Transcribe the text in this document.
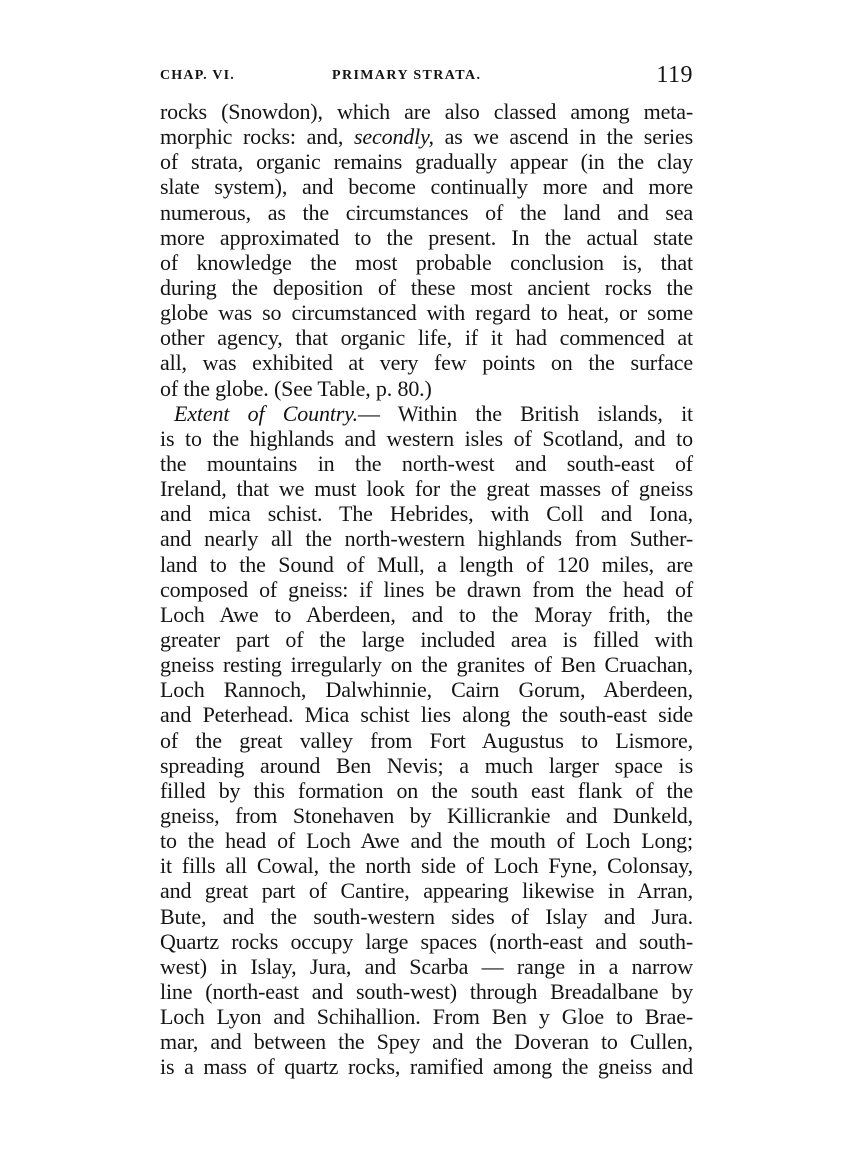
CHAP. VI.	PRIMARY STRATA.	119
rocks (Snowdon), which are also classed among meta-
morphic rocks: and, secondly, as we ascend in the series
of strata, organic remains gradually appear (in the clay
slate system), and become continually more and more
numerous, as the circumstances of the land and sea
more approximated to the present. In the actual state
of knowledge the most probable conclusion is, that
during the deposition of these most ancient rocks the
globe was so circumstanced with regard to heat, or some
other agency, that organic life, if it had commenced at
all, was exhibited at very few points on the surface
of the globe. (See Table, p. 80.)
Extent of Country.— Within the British islands, it
is to the highlands and western isles of Scotland, and to
the mountains in the north-west and south-east of
Ireland, that we must look for the great masses of gneiss
and mica schist. The Hebrides, with Coll and Iona,
and nearly all the north-western highlands from Suther-
land to the Sound of Mull, a length of 120 miles, are
composed of gneiss: if lines be drawn from the head of
Loch Awe to Aberdeen, and to the Moray frith, the
greater part of the large included area is filled with
gneiss resting irregularly on the granites of Ben Cruachan,
Loch Rannoch, Dalwhinnie, Cairn Gorum, Aberdeen,
and Peterhead. Mica schist lies along the south-east side
of the great valley from Fort Augustus to Lismore,
spreading around Ben Nevis; a much larger space is
filled by this formation on the south east flank of the
gneiss, from Stonehaven by Killicrankie and Dunkeld,
to the head of Loch Awe and the mouth of Loch Long;
it fills all Cowal, the north side of Loch Fyne, Colonsay,
and great part of Cantire, appearing likewise in Arran,
Bute, and the south-western sides of Islay and Jura.
Quartz rocks occupy large spaces (north-east and south-
west) in Islay, Jura, and Scarba — range in a narrow
line (north-east and south-west) through Breadalbane by
Loch Lyon and Schihallion. From Ben y Gloe to Brae-
mar, and between the Spey and the Doveran to Cullen,
is a mass of quartz rocks, ramified among the gneiss and
